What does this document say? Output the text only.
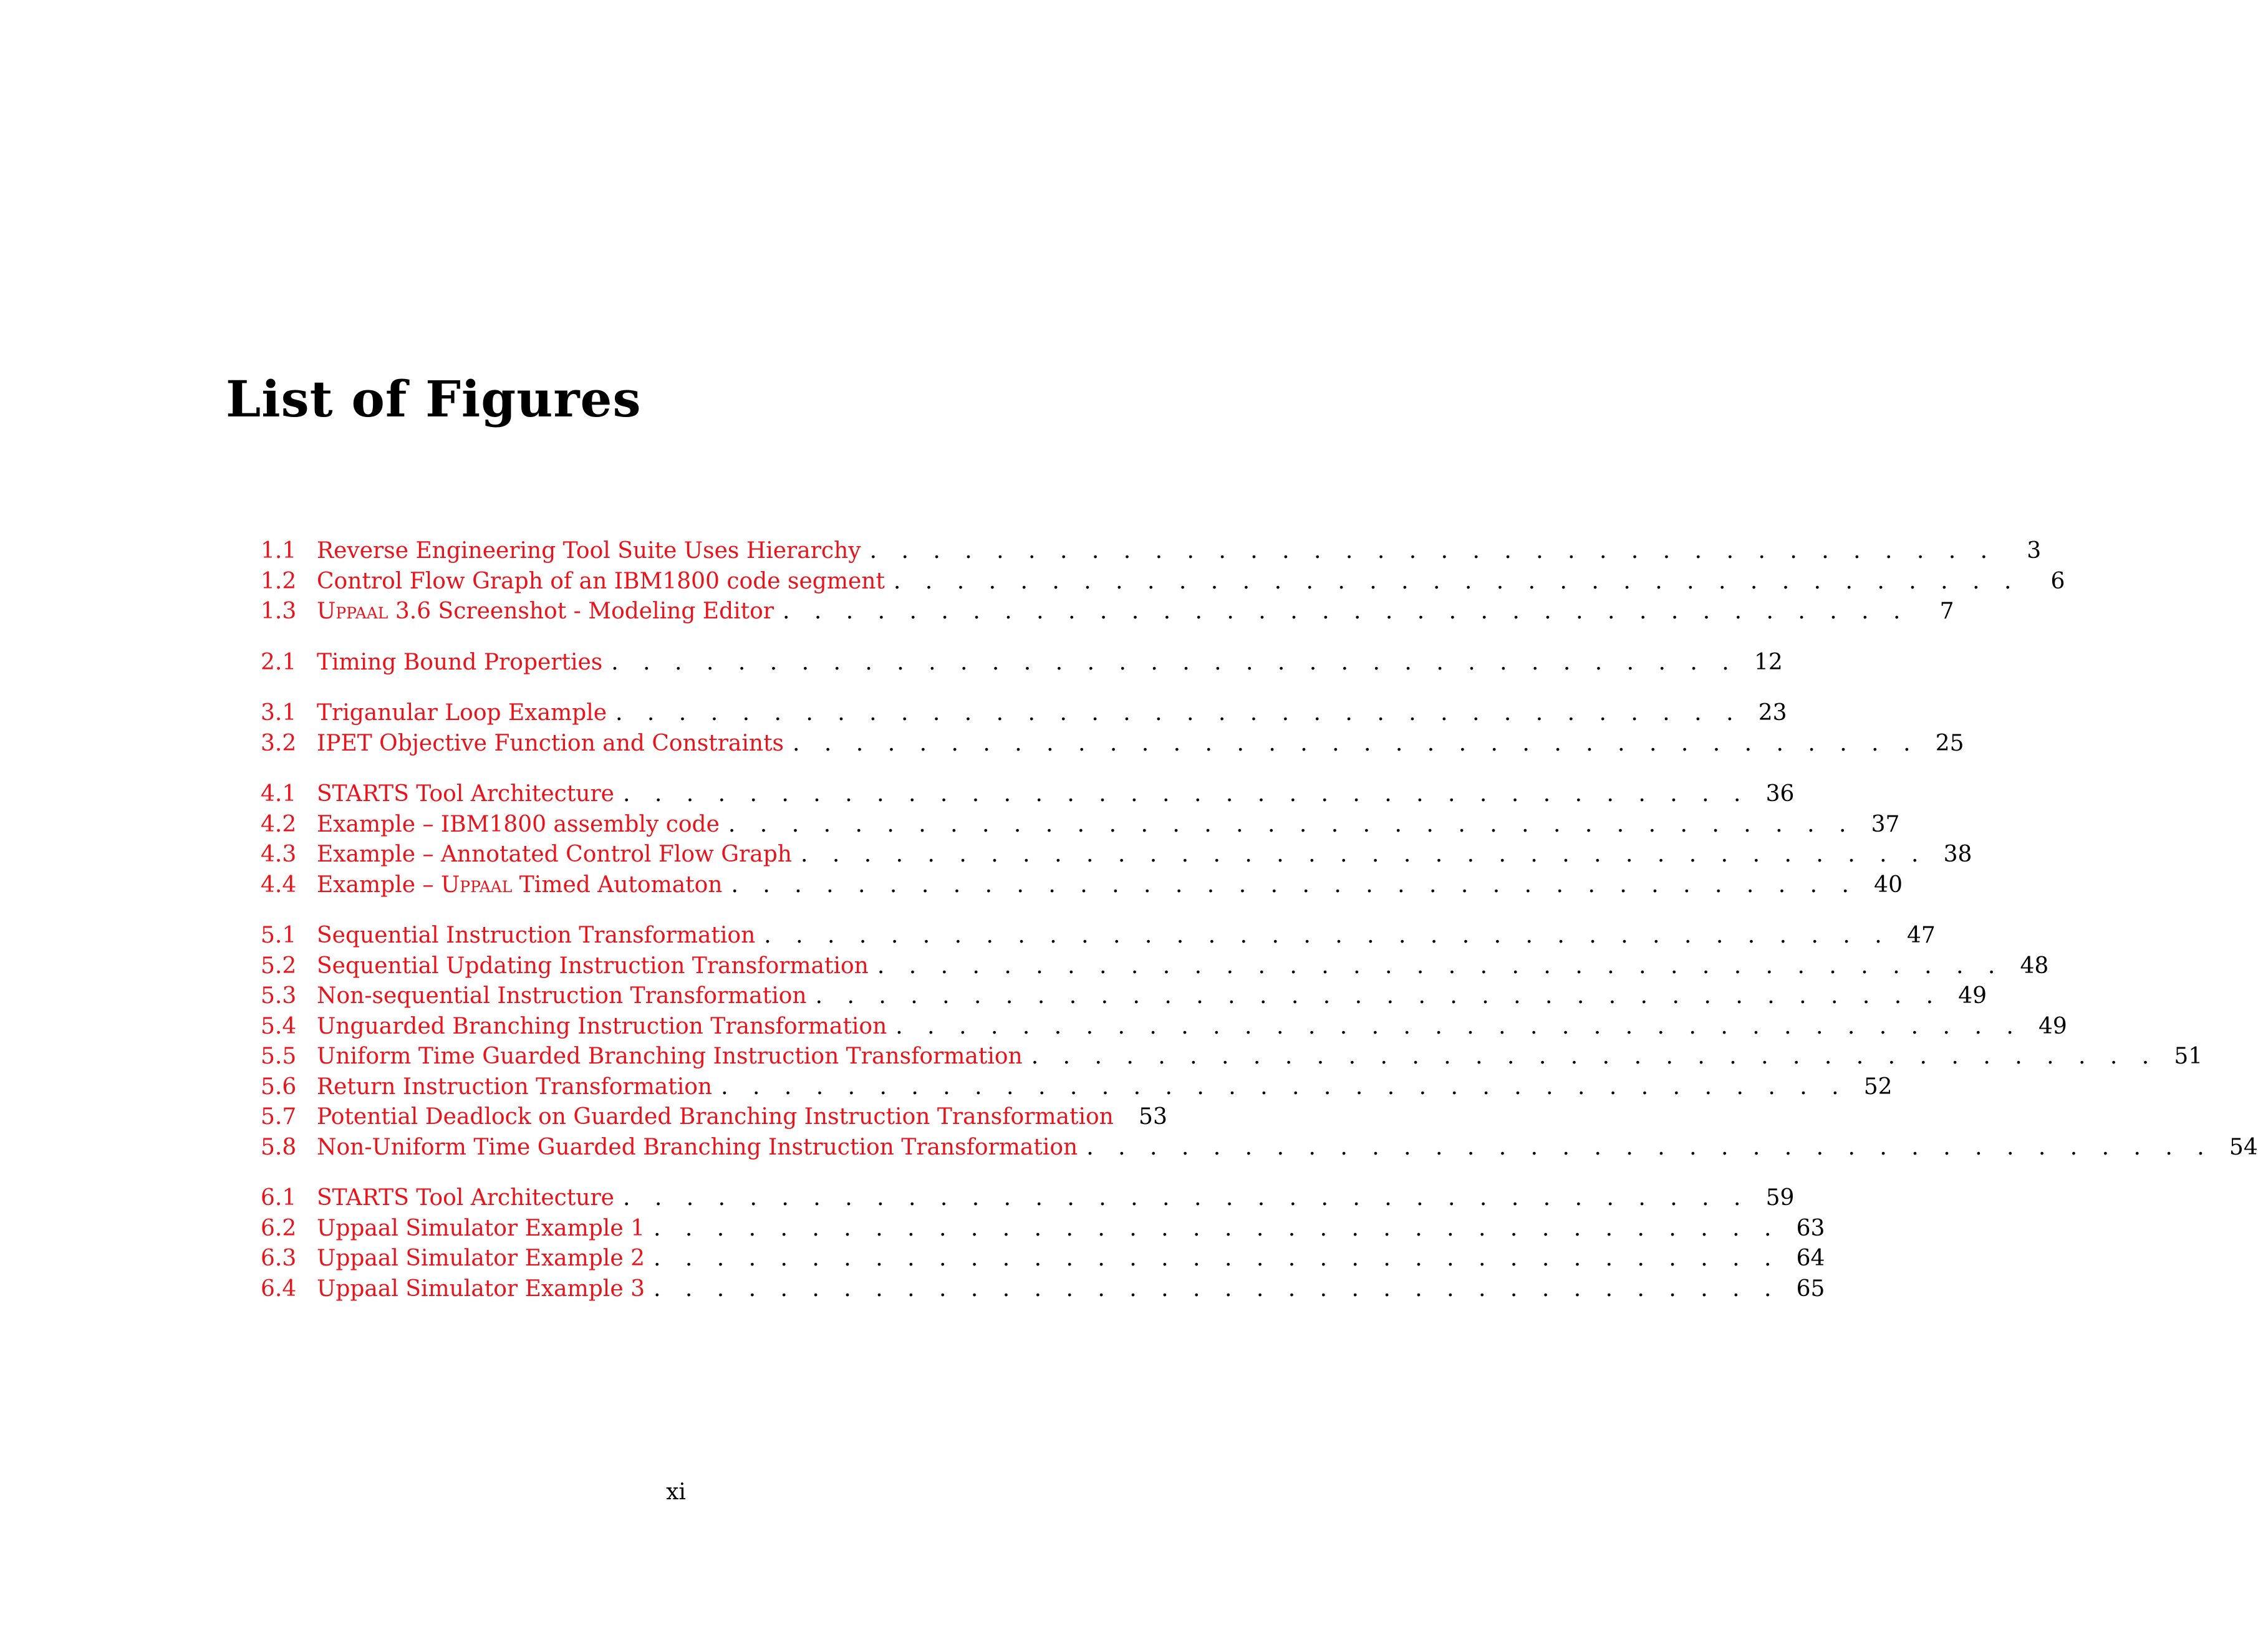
List of Figures
1.1 Reverse Engineering Tool Suite Uses Hierarchy . . . . . . . . . . . . . . . . . . . . . . . . . . . . . . . . . . . .	3
1.2 Control Flow Graph of an IBM1800 code segment . . . . . . . . . . . . . . . . . . . . . . . . . . . . . . . . . . . .	6
1.3 Uppaal 3.6 Screenshot - Modeling Editor . . . . . . . . . . . . . . . . . . . . . . . . . . . . . . . . . . . .	7
2.1 Timing Bound Properties . . . . . . . . . . . . . . . . . . . . . . . . . . . . . . . . . . . . 12
3.1 Triganular Loop Example . . . . . . . . . . . . . . . . . . . . . . . . . . . . . . . . . . . . 23
3.2 IPET Objective Function and Constraints . . . . . . . . . . . . . . . . . . . . . . . . . . . . . . . . . . . . 25
4.1 STARTS Tool Architecture . . . . . . . . . . . . . . . . . . . . . . . . . . . . . . . . . . . . 36
4.2 Example – IBM1800 assembly code . . . . . . . . . . . . . . . . . . . . . . . . . . . . . . . . . . . . 37
4.3 Example – Annotated Control Flow Graph . . . . . . . . . . . . . . . . . . . . . . . . . . . . . . . . . . . . 38
4.4 Example – Uppaal Timed Automaton . . . . . . . . . . . . . . . . . . . . . . . . . . . . . . . . . . . . 40
5.1 Sequential Instruction Transformation . . . . . . . . . . . . . . . . . . . . . . . . . . . . . . . . . . . . 47
5.2 Sequential Updating Instruction Transformation . . . . . . . . . . . . . . . . . . . . . . . . . . . . . . . . . . . . 48
5.3 Non-sequential Instruction Transformation . . . . . . . . . . . . . . . . . . . . . . . . . . . . . . . . . . . . 49
5.4 Unguarded Branching Instruction Transformation . . . . . . . . . . . . . . . . . . . . . . . . . . . . . . . . . . . . 49
5.5 Uniform Time Guarded Branching Instruction Transformation . . . . . . . . . . . . . . . . . . . . . . . . . . . . . . . . . . . . 51
5.6 Return Instruction Transformation . . . . . . . . . . . . . . . . . . . . . . . . . . . . . . . . . . . . 52
5.7 Potential Deadlock on Guarded Branching Instruction Transformation	53
5.8 Non-Uniform Time Guarded Branching Instruction Transformation . . . . . . . . . . . . . . . . . . . . . . . . . . . . . . . . . . . . 54
6.1 STARTS Tool Architecture . . . . . . . . . . . . . . . . . . . . . . . . . . . . . . . . . . . . 59
6.2 Uppaal Simulator Example 1 . . . . . . . . . . . . . . . . . . . . . . . . . . . . . . . . . . . . 63
6.3 Uppaal Simulator Example 2 . . . . . . . . . . . . . . . . . . . . . . . . . . . . . . . . . . . . 64
6.4 Uppaal Simulator Example 3 . . . . . . . . . . . . . . . . . . . . . . . . . . . . . . . . . . . . 65
xi
